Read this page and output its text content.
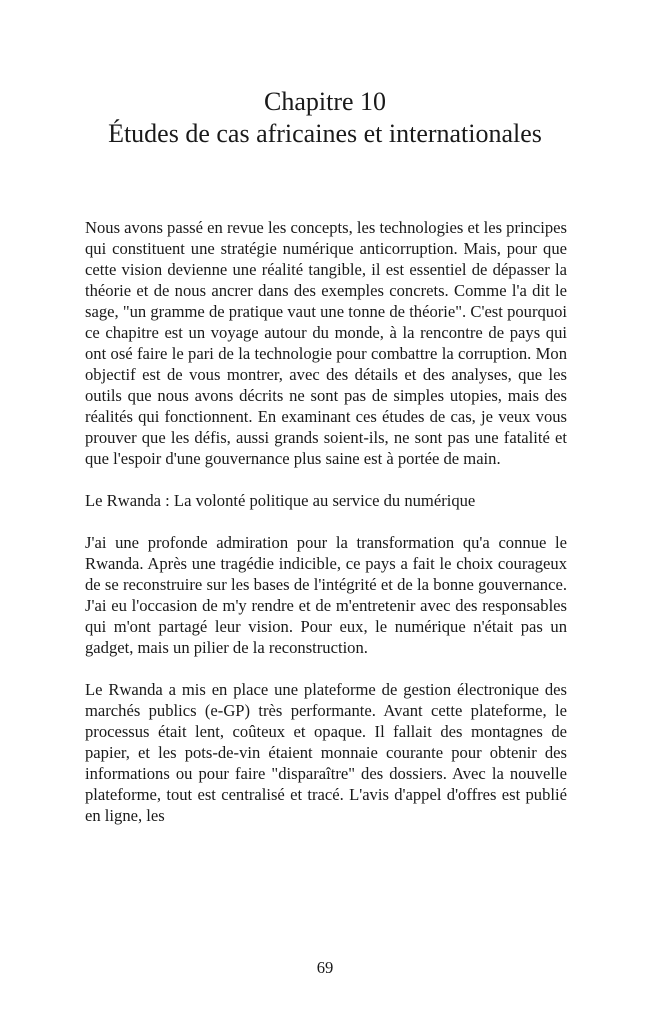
Chapitre 10
Études de cas africaines et internationales

Nous avons passé en revue les concepts, les technologies et les principes qui constituent une stratégie numérique anticorruption. Mais, pour que cette vision devienne une réalité tangible, il est essentiel de dépasser la théorie et de nous ancrer dans des exemples concrets. Comme l'a dit le sage, "un gramme de pratique vaut une tonne de théorie". C'est pourquoi ce chapitre est un voyage autour du monde, à la rencontre de pays qui ont osé faire le pari de la technologie pour combattre la corruption. Mon objectif est de vous montrer, avec des détails et des analyses, que les outils que nous avons décrits ne sont pas de simples utopies, mais des réalités qui fonctionnent. En examinant ces études de cas, je veux vous prouver que les défis, aussi grands soient-ils, ne sont pas une fatalité et que l'espoir d'une gouvernance plus saine est à portée de main.

Le Rwanda : La volonté politique au service du numérique

J'ai une profonde admiration pour la transformation qu'a connue le Rwanda. Après une tragédie indicible, ce pays a fait le choix courageux de se reconstruire sur les bases de l'intégrité et de la bonne gouvernance. J'ai eu l'occasion de m'y rendre et de m'entretenir avec des responsables qui m'ont partagé leur vision. Pour eux, le numérique n'était pas un gadget, mais un pilier de la reconstruction.

Le Rwanda a mis en place une plateforme de gestion électronique des marchés publics (e-GP) très performante. Avant cette plateforme, le processus était lent, coûteux et opaque. Il fallait des montagnes de papier, et les pots-de-vin étaient monnaie courante pour obtenir des informations ou pour faire "disparaître" des dossiers. Avec la nouvelle plateforme, tout est centralisé et tracé. L'avis d'appel d'offres est publié en ligne, les

69
